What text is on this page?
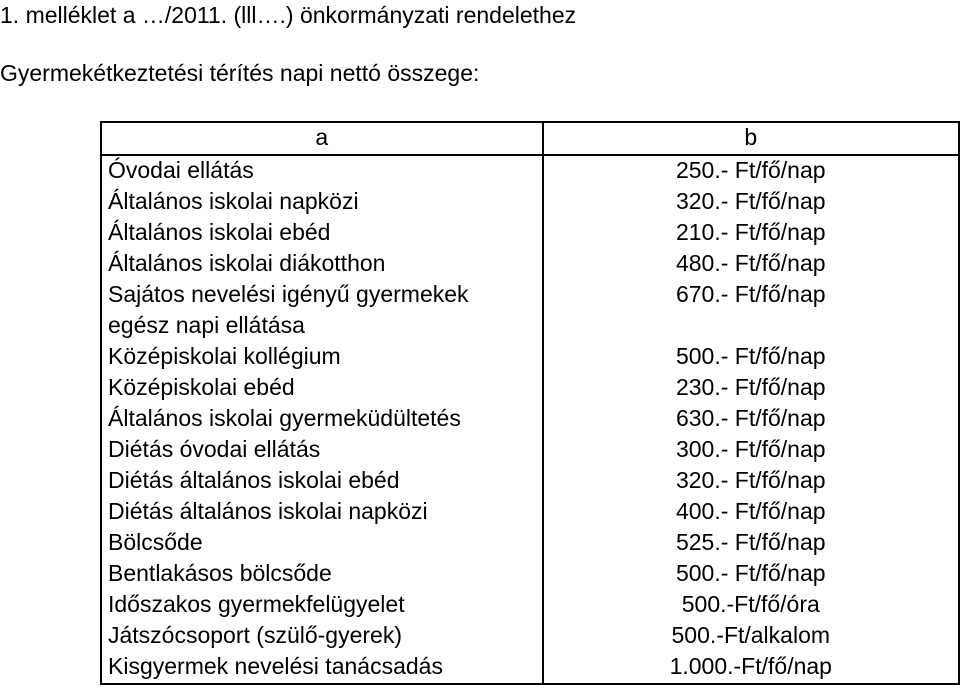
1. melléklet a …/2011. (lll….) önkormányzati rendelethez
Gyermekétkeztetési térítés napi nettó összege:
a	b

Óvodai ellátás	250.- Ft/fő/nap

Általános iskolai napközi	320.- Ft/fő/nap

Általános iskolai ebéd	210.- Ft/fő/nap

Általános iskolai diákotthon	480.- Ft/fő/nap

Sajátos nevelési igényű gyermekek
egész napi ellátása	670.- Ft/fő/nap

Középiskolai kollégium	500.- Ft/fő/nap

Középiskolai ebéd	230.- Ft/fő/nap

Általános iskolai gyermeküdültetés	630.- Ft/fő/nap

Diétás óvodai ellátás	300.- Ft/fő/nap

Diétás általános iskolai ebéd	320.- Ft/fő/nap

Diétás általános iskolai napközi	400.- Ft/fő/nap

Bölcsőde	525.- Ft/fő/nap

Bentlakásos bölcsőde	500.- Ft/fő/nap

Időszakos gyermekfelügyelet	500.-Ft/fő/óra

Játszócsoport (szülő-gyerek)	500.-Ft/alkalom

Kisgyermek nevelési tanácsadás	1.000.-Ft/fő/nap
